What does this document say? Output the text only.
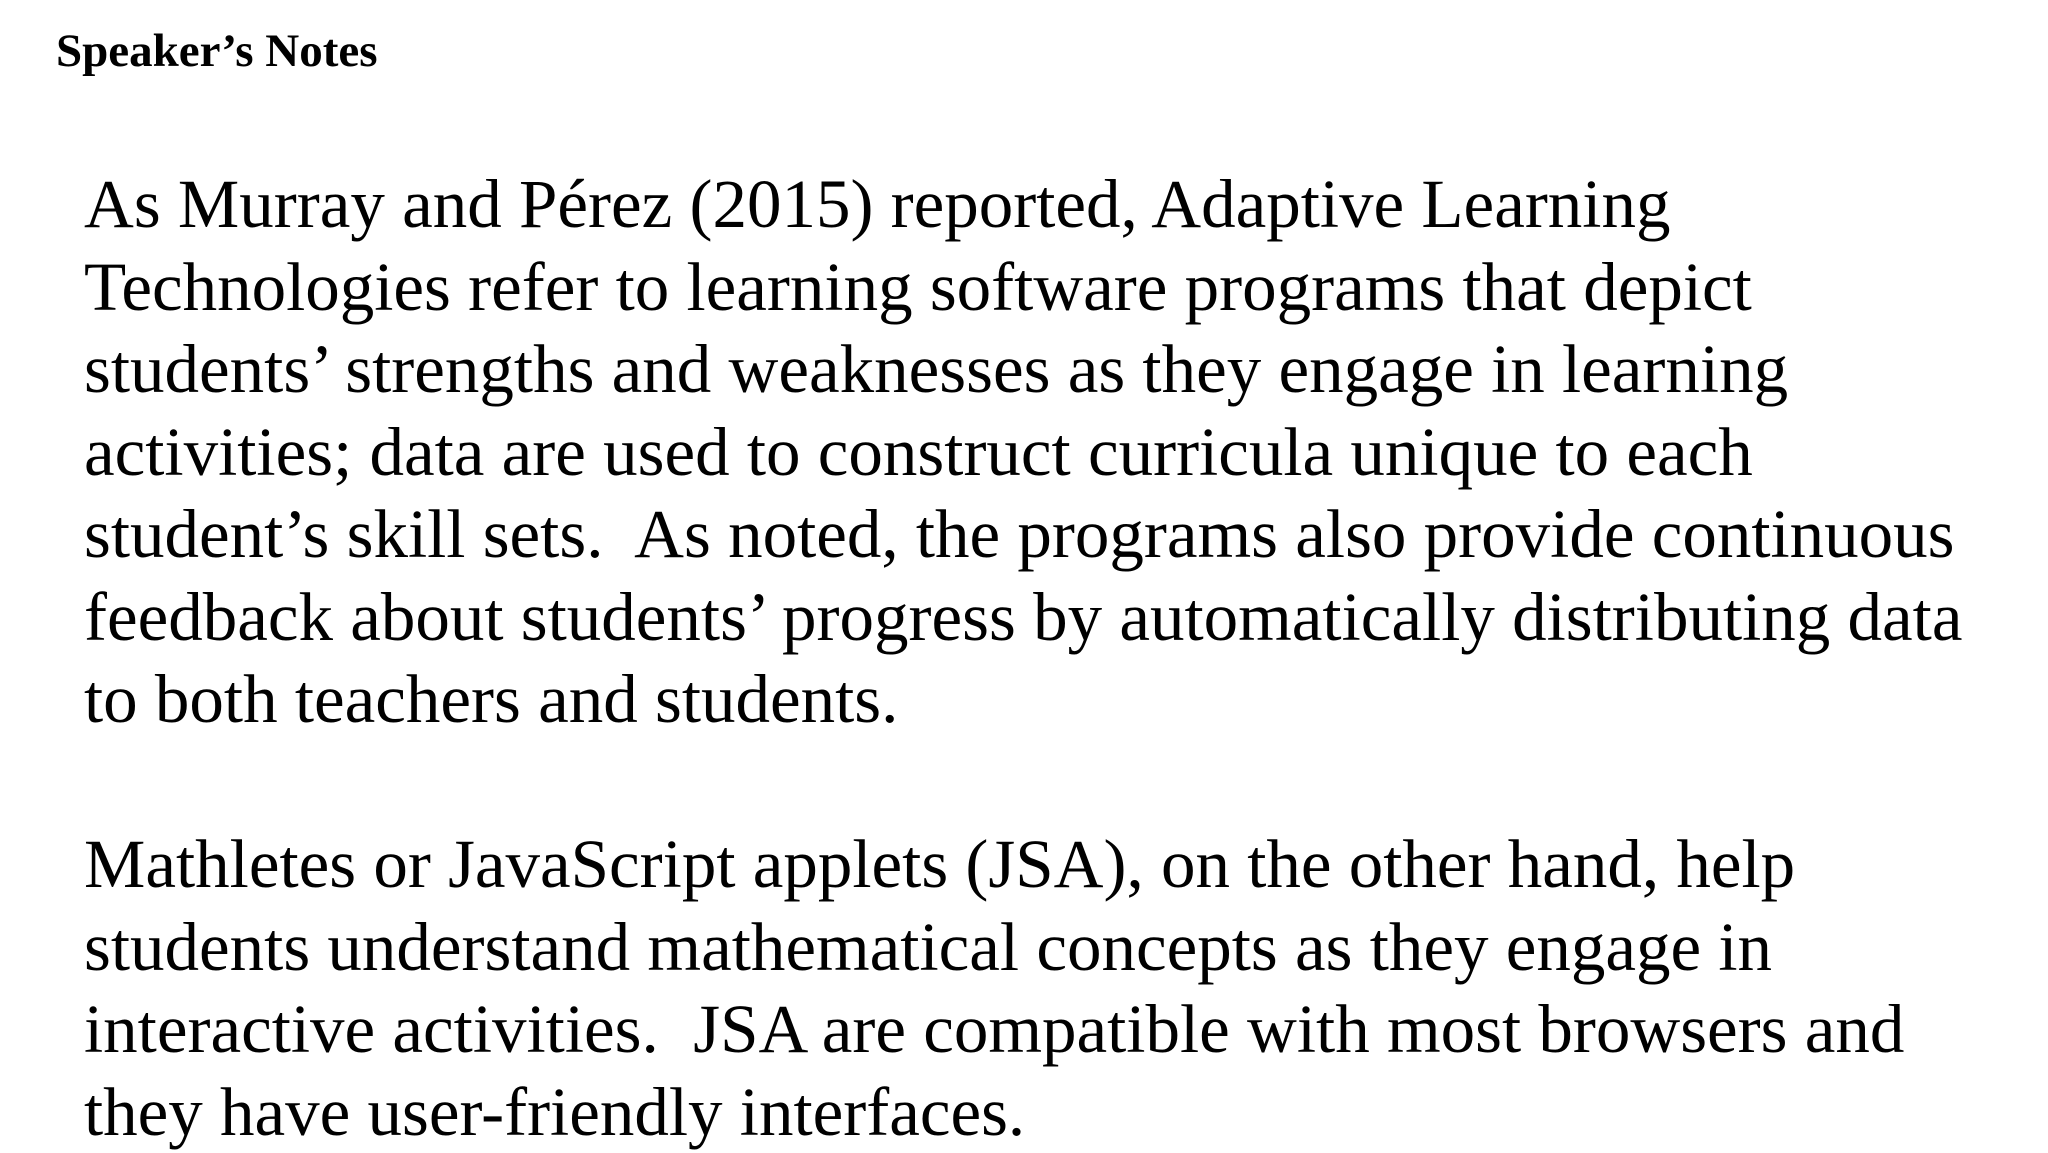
Speaker’s Notes

As Murray and Pérez (2015) reported, Adaptive Learning
Technologies refer to learning software programs that depict
students’ strengths and weaknesses as they engage in learning
activities; data are used to construct curricula unique to each
student’s skill sets.  As noted, the programs also provide continuous
feedback about students’ progress by automatically distributing data
to both teachers and students.

Mathletes or JavaScript applets (JSA), on the other hand, help
students understand mathematical concepts as they engage in
interactive activities.  JSA are compatible with most browsers and
they have user-friendly interfaces.
